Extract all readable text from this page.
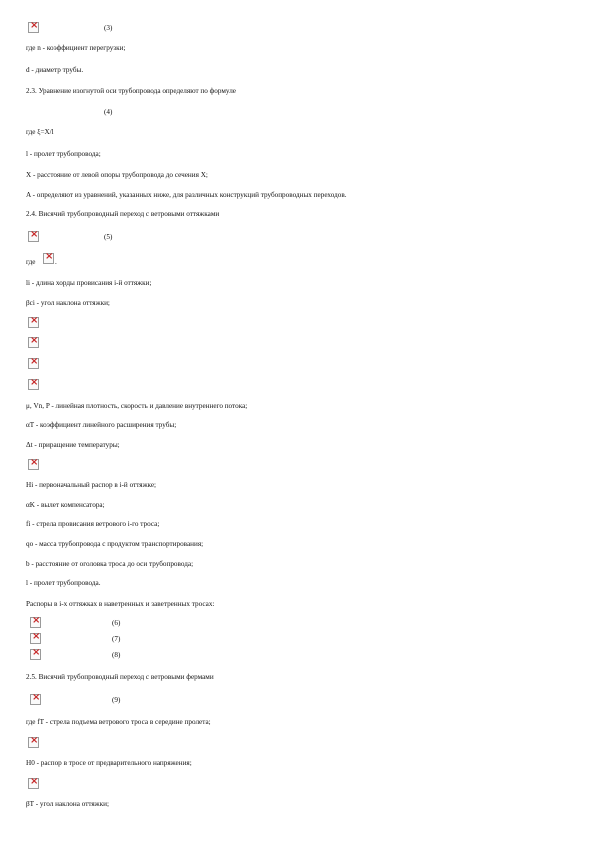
×
(3)
где n - коэффициент перегрузки;
d - диаметр трубы.
2.3. Уравнение изогнутой оси трубопровода определяют по формуле
(4)
где ξ=X/l
l - пролет трубопровода;
X - расстояние от левой опоры трубопровода до сечения X;
A - определяют из уравнений, указанных ниже, для различных конструкций трубопроводных переходов.
2.4. Висячий трубопроводный переход с ветровыми оттяжками
×
(5)
где
×	.
li - длина хорды провисания i-й оттяжки;
βci - угол наклона оттяжки;
×
×
×
×
μ, Vn, P - линейная плотность, скорость и давление внутреннего потока;
αT - коэффициент линейного расширения трубы;
Δt - приращение температуры;
×
Hi - первоначальный распор в i-й оттяжке;
αK - вылет компенсатора;
fi - стрела провисания ветрового i-го троса;
qo - масса трубопровода с продуктом транспортирования;
b - расстояние от оголовка троса до оси трубопровода;
l - пролет трубопровода.
Распоры в i-х оттяжках в наветренных и заветренных тросах:
×
(6)
×
(7)
×
(8)
2.5. Висячий трубопроводный переход с ветровыми фермами
×
(9)
где fT - стрела подъема ветрового троса в середине пролета;
×
H0 - распор в тросе от предварительного напряжения;
×
βT - угол наклона оттяжки;
